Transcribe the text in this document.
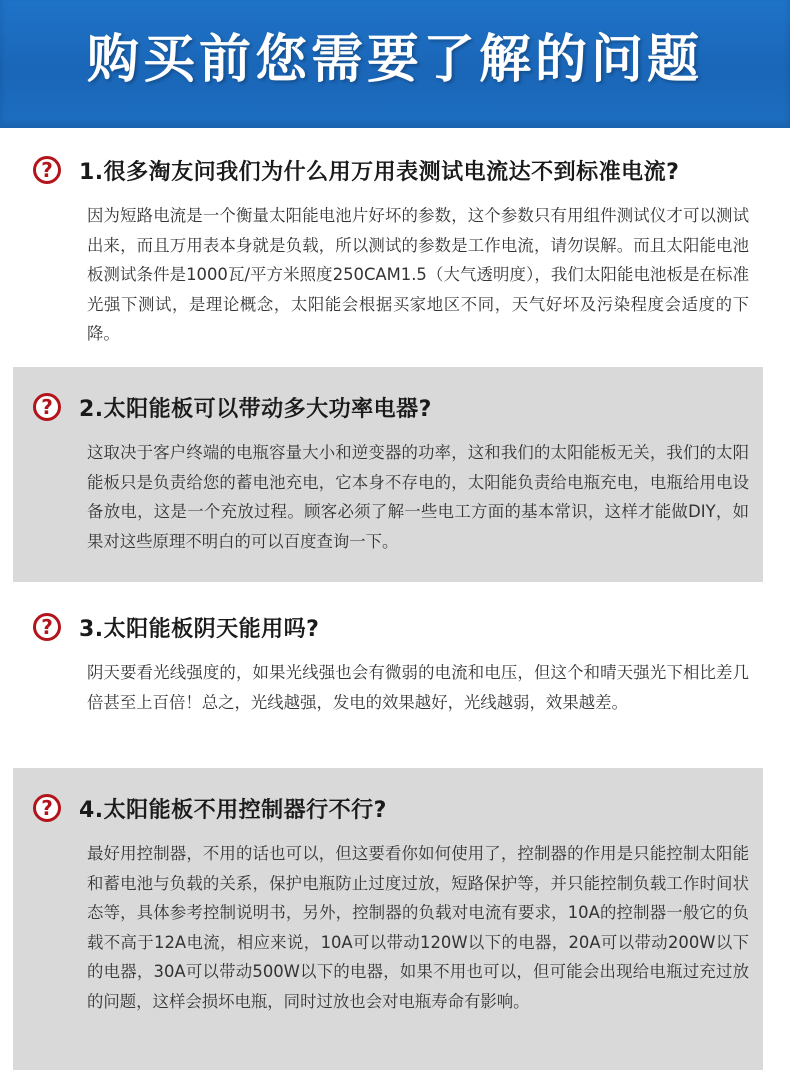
购买前您需要了解的问题
?	1.很多淘友问我们为什么用万用表测试电流达不到标准电流?

因为短路电流是一个衡量太阳能电池片好坏的参数，这个参数只有用组件测试仪才可以测试出来，而且万用表本身就是负载，所以测试的参数是工作电流，请勿误解。而且太阳能电池板测试条件是1000瓦/平方米照度250CAM1.5（大气透明度），我们太阳能电池板是在标准光强下测试，是理论概念，太阳能会根据买家地区不同，天气好坏及污染程度会适度的下降。

?	2.太阳能板可以带动多大功率电器?

这取决于客户终端的电瓶容量大小和逆变器的功率，这和我们的太阳能板无关，我们的太阳能板只是负责给您的蓄电池充电，它本身不存电的，太阳能负责给电瓶充电，电瓶给用电设备放电，这是一个充放过程。顾客必须了解一些电工方面的基本常识，这样才能做DIY，如果对这些原理不明白的可以百度查询一下。

?	3.太阳能板阴天能用吗?

阴天要看光线强度的，如果光线强也会有微弱的电流和电压，但这个和晴天强光下相比差几倍甚至上百倍！总之，光线越强，发电的效果越好，光线越弱，效果越差。

?	4.太阳能板不用控制器行不行?

最好用控制器，不用的话也可以，但这要看你如何使用了，控制器的作用是只能控制太阳能和蓄电池与负载的关系，保护电瓶防止过度过放，短路保护等，并只能控制负载工作时间状态等，具体参考控制说明书，另外，控制器的负载对电流有要求，10A的控制器一般它的负载不高于12A电流，相应来说，10A可以带动120W以下的电器，20A可以带动200W以下的电器，30A可以带动500W以下的电器，如果不用也可以，但可能会出现给电瓶过充过放的问题，这样会损坏电瓶，同时过放也会对电瓶寿命有影响。
